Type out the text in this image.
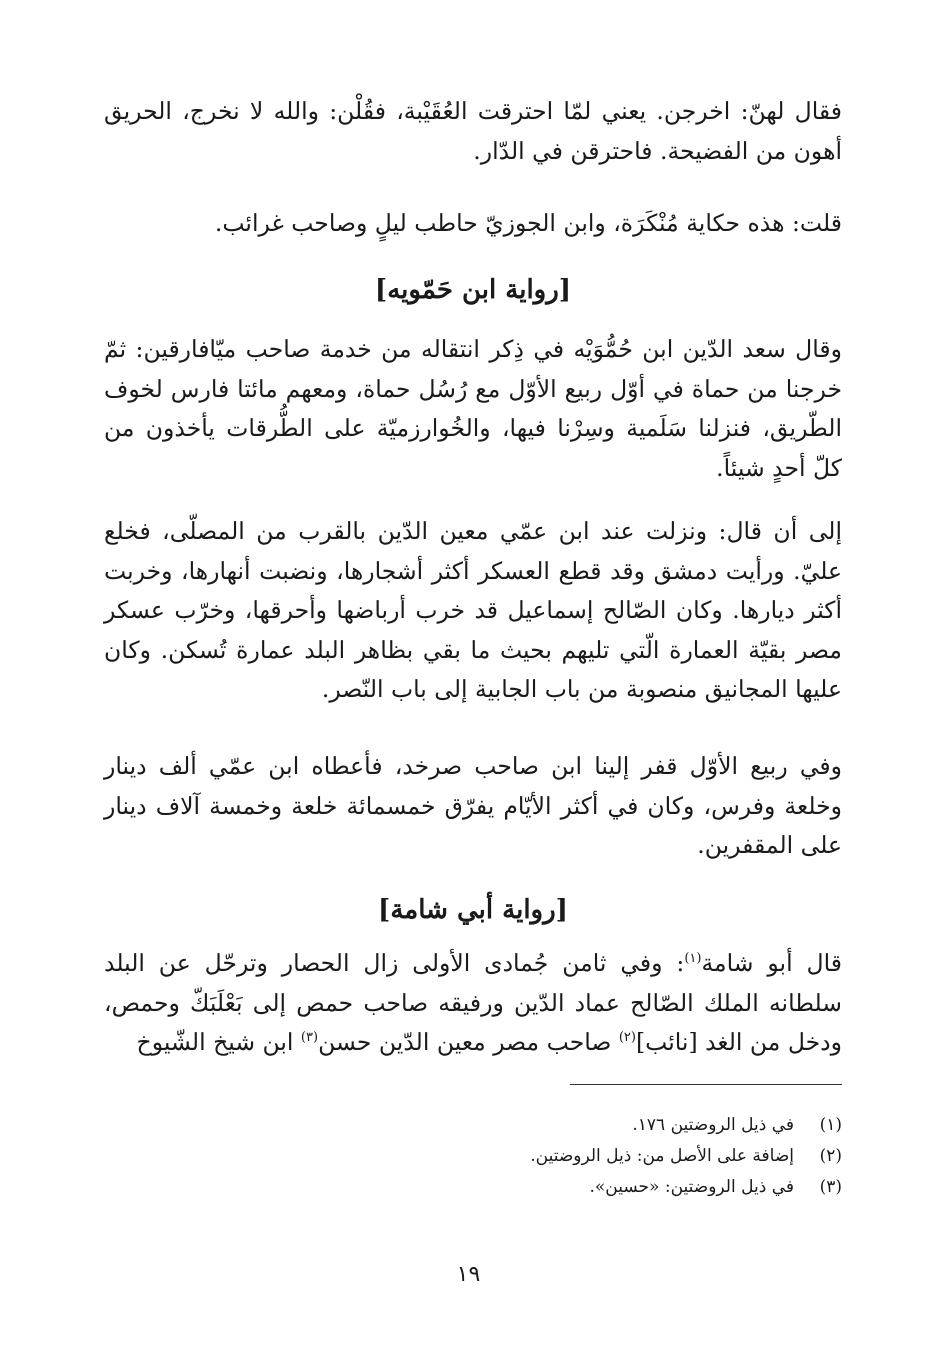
فقال لهنّ: اخرجن. يعني لمّا احترقت العُقَيْبة، فقُلْن: والله لا نخرج، الحريق أهون من الفضيحة. فاحترقن في الدّار.

قلت: هذه حكاية مُنْكَرَة، وابن الجوزيّ حاطب ليلٍ وصاحب غرائب.

[رواية ابن حَمّويه]

وقال سعد الدّين ابن حُمُّوَيْه في ذِكر انتقاله من خدمة صاحب ميّافارقين: ثمّ خرجنا من حماة في أوّل ربيع الأوّل مع رُسُل حماة، ومعهم مائتا فارس لخوف الطّريق، فنزلنا سَلَمية وسِرْنا فيها، والخُوارزميّة على الطُّرقات يأخذون من كلّ أحدٍ شيئاً.

إلى أن قال: ونزلت عند ابن عمّي معين الدّين بالقرب من المصلّى، فخلع عليّ. ورأيت دمشق وقد قطع العسكر أكثر أشجارها، ونضبت أنهارها، وخربت أكثر ديارها. وكان الصّالح إسماعيل قد خرب أرباضها وأحرقها، وخرّب عسكر مصر بقيّة العمارة الّتي تليهم بحيث ما بقي بظاهر البلد عمارة تُسكن. وكان عليها المجانيق منصوبة من باب الجابية إلى باب النّصر.

وفي ربيع الأوّل قفر إلينا ابن صاحب صرخد، فأعطاه ابن عمّي ألف دينار وخلعة وفرس، وكان في أكثر الأيّام يفرّق خمسمائة خلعة وخمسة آلاف دينار على المقفرين.

[رواية أبي شامة]

قال أبو شامة$^{(١)}$: وفي ثامن جُمادى الأولى زال الحصار وترحّل عن البلد سلطانه الملك الصّالح عماد الدّين ورفيقه صاحب حمص إلى بَعْلَبَكّ وحمص، ودخل من الغد [نائب]$^{(٢)}$ صاحب مصر معين الدّين حسن$^{(٣)}$ ابن شيخ الشّيوخ

(١)
في ذيل الروضتين ١٧٦.
(٢)
إضافة على الأصل من: ذيل الروضتين.
(٣)
في ذيل الروضتين: «حسين».
١٩
